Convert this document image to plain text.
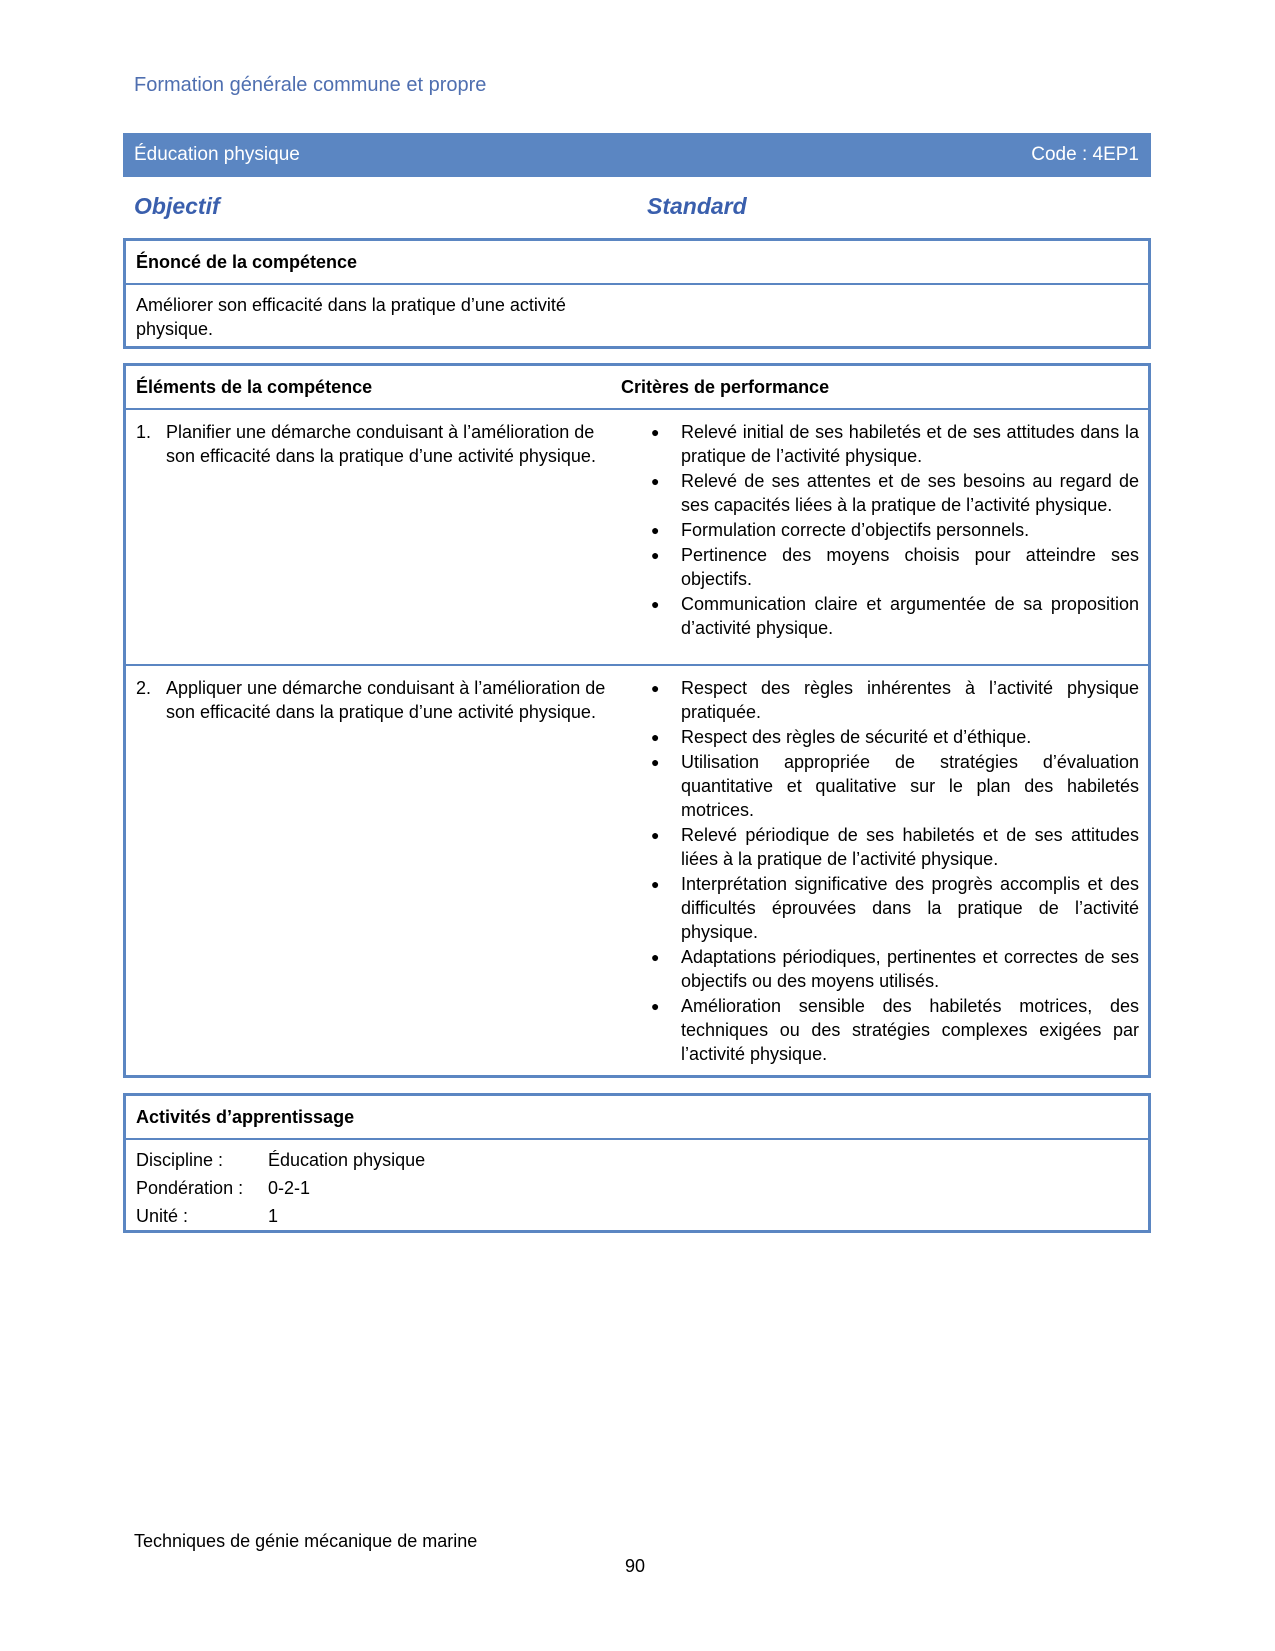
Formation générale commune et propre
Éducation physique	Code : 4EP1
Objectif	Standard
Énoncé de la compétence
Améliorer son efficacité dans la pratique d’une activité physique.
Éléments de la compétence	Critères de performance
1. Planifier une démarche conduisant à l’amélioration de son efficacité dans la pratique d’une activité physique.
● Relevé initial de ses habiletés et de ses attitudes dans la pratique de l’activité physique.
● Relevé de ses attentes et de ses besoins au regard de ses capacités liées à la pratique de l’activité physique.
● Formulation correcte d’objectifs personnels.
● Pertinence des moyens choisis pour atteindre ses objectifs.
● Communication claire et argumentée de sa proposition d’activité physique.
2. Appliquer une démarche conduisant à l’amélioration de son efficacité dans la pratique d’une activité physique.
● Respect des règles inhérentes à l’activité physique pratiquée.
● Respect des règles de sécurité et d’éthique.
● Utilisation appropriée de stratégies d’évaluation quantitative et qualitative sur le plan des habiletés motrices.
● Relevé périodique de ses habiletés et de ses attitudes liées à la pratique de l’activité physique.
● Interprétation significative des progrès accomplis et des difficultés éprouvées dans la pratique de l’activité physique.
● Adaptations périodiques, pertinentes et correctes de ses objectifs ou des moyens utilisés.
● Amélioration sensible des habiletés motrices, des techniques ou des stratégies complexes exigées par l’activité physique.
Activités d’apprentissage
Discipline : Éducation physique
Pondération : 0-2-1
Unité :	1
Techniques de génie mécanique de marine
90
